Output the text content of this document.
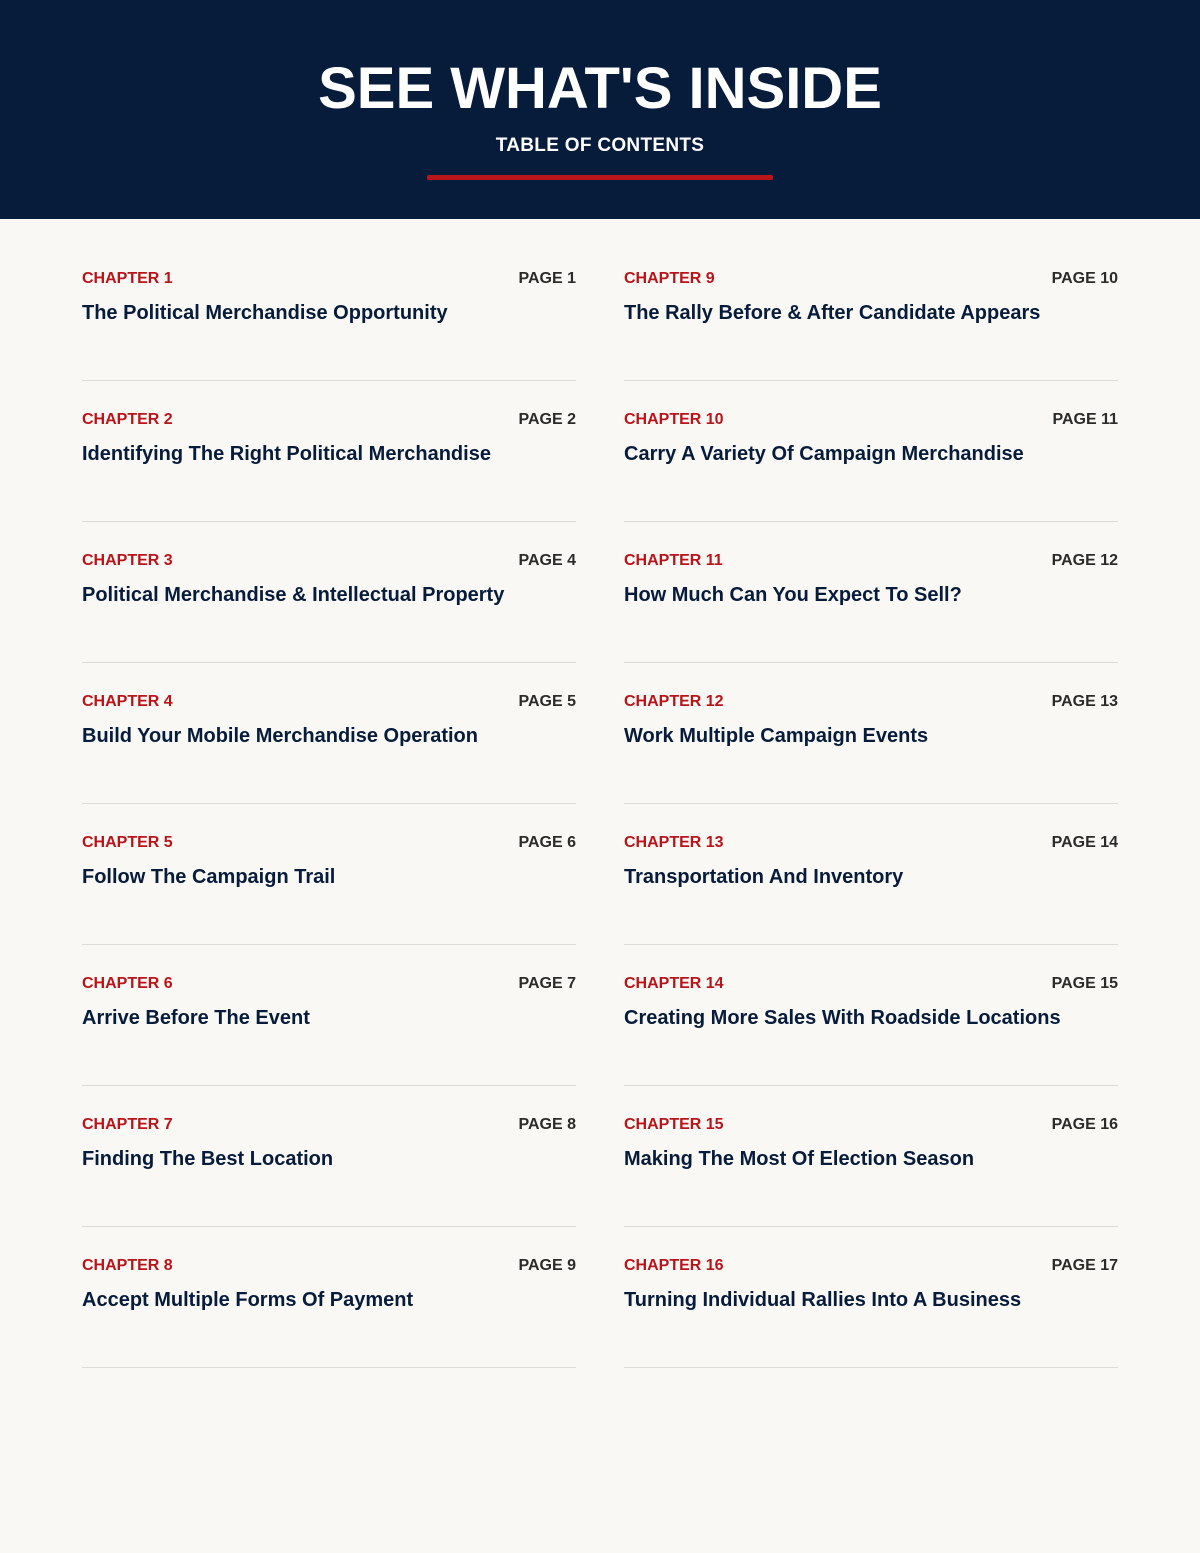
SEE WHAT'S INSIDE
TABLE OF CONTENTS
CHAPTER 1	PAGE 1
The Political Merchandise Opportunity
CHAPTER 2	PAGE 2
Identifying The Right Political Merchandise
CHAPTER 3	PAGE 4
Political Merchandise & Intellectual Property
CHAPTER 4	PAGE 5
Build Your Mobile Merchandise Operation
CHAPTER 5	PAGE 6
Follow The Campaign Trail
CHAPTER 6	PAGE 7
Arrive Before The Event
CHAPTER 7	PAGE 8
Finding The Best Location
CHAPTER 8	PAGE 9
Accept Multiple Forms Of Payment
CHAPTER 9	PAGE 10
The Rally Before & After Candidate Appears
CHAPTER 10	PAGE 11
Carry A Variety Of Campaign Merchandise
CHAPTER 11	PAGE 12
How Much Can You Expect To Sell?
CHAPTER 12	PAGE 13
Work Multiple Campaign Events
CHAPTER 13	PAGE 14
Transportation And Inventory
CHAPTER 14	PAGE 15
Creating More Sales With Roadside Locations
CHAPTER 15	PAGE 16
Making The Most Of Election Season
CHAPTER 16	PAGE 17
Turning Individual Rallies Into A Business
